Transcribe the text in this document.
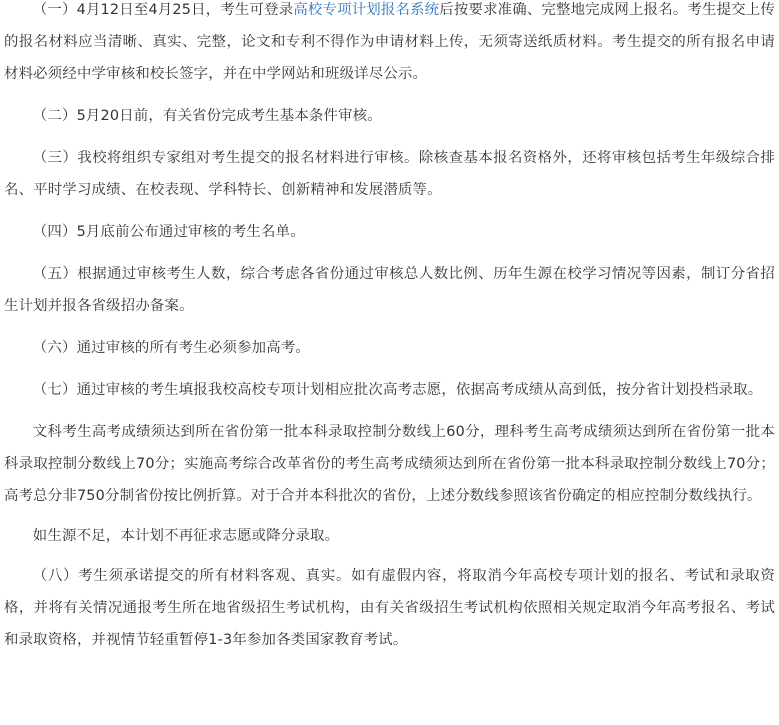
（一）4月12日至4月25日，考生可登录高校专项计划报名系统后按要求准确、完整地完成网上报名。考生提交上传的报名材料应当清晰、真实、完整，论文和专利不得作为申请材料上传，无须寄送纸质材料。考生提交的所有报名申请材料必须经中学审核和校长签字，并在中学网站和班级详尽公示。

（二）5月20日前，有关省份完成考生基本条件审核。

（三）我校将组织专家组对考生提交的报名材料进行审核。除核查基本报名资格外，还将审核包括考生年级综合排名、平时学习成绩、在校表现、学科特长、创新精神和发展潜质等。

（四）5月底前公布通过审核的考生名单。

（五）根据通过审核考生人数，综合考虑各省份通过审核总人数比例、历年生源在校学习情况等因素，制订分省招生计划并报各省级招办备案。

（六）通过审核的所有考生必须参加高考。

（七）通过审核的考生填报我校高校专项计划相应批次高考志愿，依据高考成绩从高到低，按分省计划投档录取。

文科考生高考成绩须达到所在省份第一批本科录取控制分数线上60分，理科考生高考成绩须达到所在省份第一批本科录取控制分数线上70分；实施高考综合改革省份的考生高考成绩须达到所在省份第一批本科录取控制分数线上70分；高考总分非750分制省份按比例折算。对于合并本科批次的省份，上述分数线参照该省份确定的相应控制分数线执行。

如生源不足，本计划不再征求志愿或降分录取。

（八）考生须承诺提交的所有材料客观、真实。如有虚假内容，将取消今年高校专项计划的报名、考试和录取资格，并将有关情况通报考生所在地省级招生考试机构，由有关省级招生考试机构依照相关规定取消今年高考报名、考试和录取资格，并视情节轻重暂停1-3年参加各类国家教育考试。
